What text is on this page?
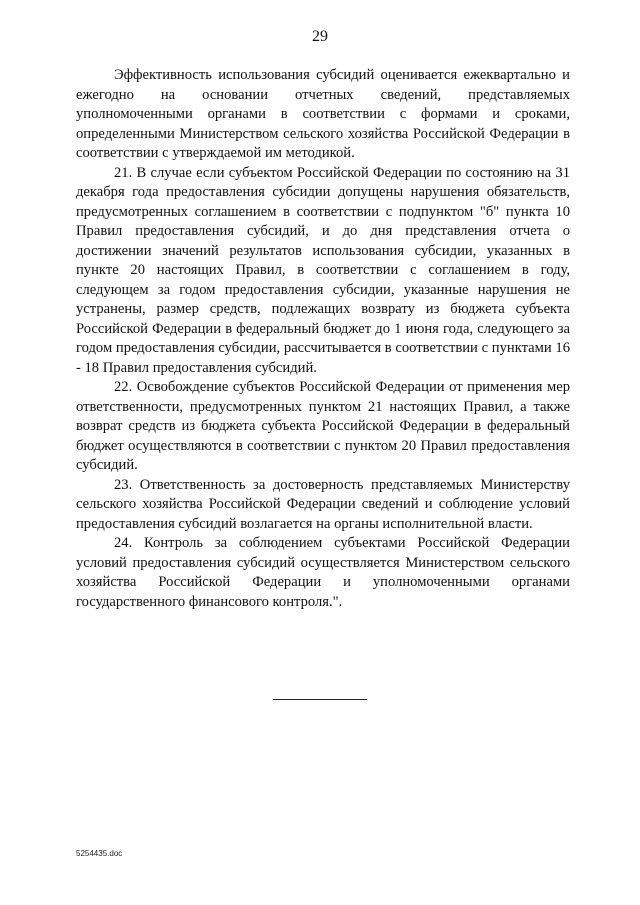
29

Эффективность использования субсидий оценивается ежеквартально и ежегодно на основании отчетных сведений, представляемых уполномоченными органами в соответствии с формами и сроками, определенными Министерством сельского хозяйства Российской Федерации в соответствии с утверждаемой им методикой.

21. В случае если субъектом Российской Федерации по состоянию на 31 декабря года предоставления субсидии допущены нарушения обязательств, предусмотренных соглашением в соответствии с подпунктом "б" пункта 10 Правил предоставления субсидий, и до дня представления отчета о достижении значений результатов использования субсидии, указанных в пункте 20 настоящих Правил, в соответствии с соглашением в году, следующем за годом предоставления субсидии, указанные нарушения не устранены, размер средств, подлежащих возврату из бюджета субъекта Российской Федерации в федеральный бюджет до 1 июня года, следующего за годом предоставления субсидии, рассчитывается в соответствии с пунктами 16 - 18 Правил предоставления субсидий.

22. Освобождение субъектов Российской Федерации от применения мер ответственности, предусмотренных пунктом 21 настоящих Правил, а также возврат средств из бюджета субъекта Российской Федерации в федеральный бюджет осуществляются в соответствии с пунктом 20 Правил предоставления субсидий.

23. Ответственность за достоверность представляемых Министерству сельского хозяйства Российской Федерации сведений и соблюдение условий предоставления субсидий возлагается на органы исполнительной власти.

24. Контроль за соблюдением субъектами Российской Федерации условий предоставления субсидий осуществляется Министерством сельского хозяйства Российской Федерации и уполномоченными органами государственного финансового контроля.".

5254435.doc
